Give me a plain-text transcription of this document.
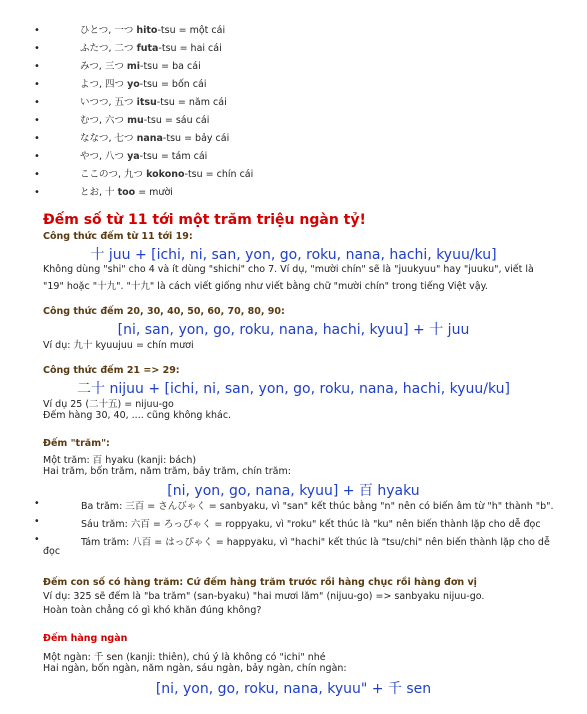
•	ひとつ, 一つ hito-tsu = một cái
•	ふたつ, 二つ futa-tsu = hai cái
•	みつ, 三つ mi-tsu = ba cái
•	よつ, 四つ yo-tsu = bốn cái
•	いつつ, 五つ itsu-tsu = năm cái
•	むつ, 六つ mu-tsu = sáu cái
•	ななつ, 七つ nana-tsu = bảy cái
•	やつ, 八つ ya-tsu = tám cái
•	ここのつ, 九つ kokono-tsu = chín cái
•	とお, 十 too = mười
Đếm số từ 11 tới một trăm triệu ngàn tỷ!
Công thức đếm từ 11 tới 19:
十 juu + [ichi, ni, san, yon, go, roku, nana, hachi, kyuu/ku]
Không dùng "shi" cho 4 và ít dùng "shichi" cho 7. Ví dụ, "mười chín" sẽ là "juukyuu" hay "juuku", viết là
"19" hoặc "十九". "十九" là cách viết giống như viết bằng chữ "mười chín" trong tiếng Việt vậy.
Công thức đếm 20, 30, 40, 50, 60, 70, 80, 90:
[ni, san, yon, go, roku, nana, hachi, kyuu] + 十 juu
Ví dụ: 九十 kyuujuu = chín mươi
Công thức đếm 21 => 29:
二十 nijuu + [ichi, ni, san, yon, go, roku, nana, hachi, kyuu/ku]
Ví dụ 25 (二十五) = nijuu-go
Đếm hàng 30, 40, .... cũng không khác.
Đếm "trăm":
Một trăm: 百 hyaku (kanji: bách)
Hai trăm, bốn trăm, năm trăm, bảy trăm, chín trăm:
[ni, yon, go, nana, kyuu] + 百 hyaku
•	Ba trăm: 三百 = さんびゃく = sanbyaku, vì "san" kết thúc bằng "n" nên có biến âm từ "h" thành "b".
•	Sáu trăm: 六百 = ろっぴゃく = roppyaku, vì "roku" kết thúc là "ku" nên biến thành lặp cho dễ đọc
•	Tám trăm: 八百 = はっぴゃく = happyaku, vì "hachi" kết thúc là "tsu/chi" nên biến thành lặp cho dễ
đọc
Đếm con số có hàng trăm: Cứ đếm hàng trăm trước rồi hàng chục rồi hàng đơn vị
Ví dụ: 325 sẽ đếm là "ba trăm" (san-byaku) "hai mươi lăm" (nijuu-go) => sanbyaku nijuu-go.
Hoàn toàn chẳng có gì khó khăn đúng không?
Đếm hàng ngàn
Một ngàn: 千 sen (kanji: thiên), chú ý là không có "ichi" nhé
Hai ngàn, bốn ngàn, năm ngàn, sáu ngàn, bảy ngàn, chín ngàn:
[ni, yon, go, roku, nana, kyuu" + 千 sen
